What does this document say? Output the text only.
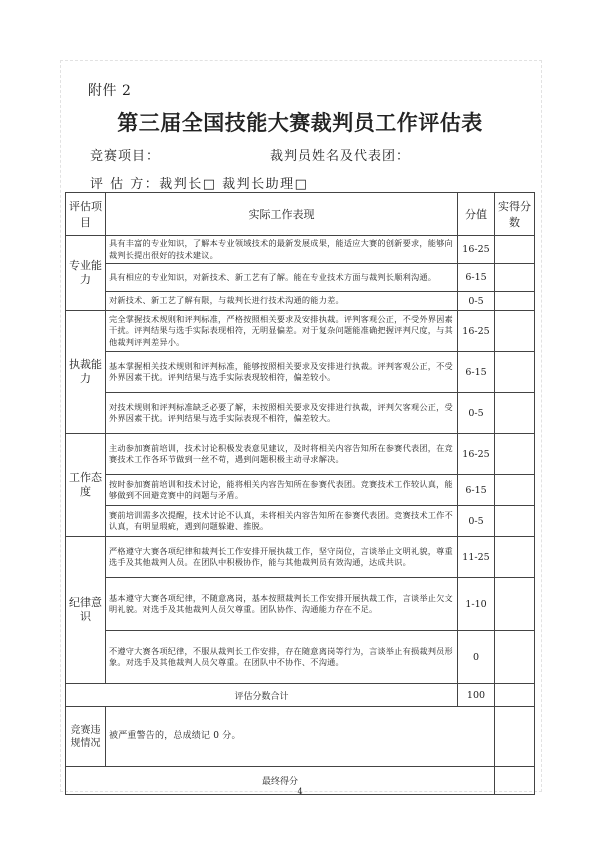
附件 2
第三届全国技能大赛裁判员工作评估表
竞赛项目：	裁判员姓名及代表团：
评 估 方：裁判长□ 裁判长助理□
评估项目	实际工作表现	分值	实得分数
专业能力	具有丰富的专业知识，了解本专业领域技术的最新发展成果，能适应大赛的创新要求，能够向裁判长提出很好的技术建议。	16-25	
	具有相应的专业知识，对新技术、新工艺有了解。能在专业技术方面与裁判长顺利沟通。	6-15	
	对新技术、新工艺了解有限，与裁判长进行技术沟通的能力差。	0-5	
执裁能力	完全掌握技术规则和评判标准，严格按照相关要求及安排执裁。评判客观公正，不受外界因素干扰。评判结果与选手实际表现相符，无明显偏差。对于复杂问题能准确把握评判尺度，与其他裁判评判差异小。	16-25	
	基本掌握相关技术规则和评判标准，能够按照相关要求及安排进行执裁。评判客观公正，不受外界因素干扰。评判结果与选手实际表现较相符，偏差较小。	6-15	
	对技术规则和评判标准缺乏必要了解，未按照相关要求及安排进行执裁，评判欠客观公正，受外界因素干扰。评判结果与选手实际表现不相符，偏差较大。	0-5	
工作态度	主动参加赛前培训，技术讨论积极发表意见建议，及时将相关内容告知所在参赛代表团，在竞赛技术工作各环节做到一丝不苟，遇到问题积极主动寻求解决。	16-25	
	按时参加赛前培训和技术讨论，能将相关内容告知所在参赛代表团。竞赛技术工作较认真，能够做到不回避竞赛中的问题与矛盾。	6-15	
	赛前培训需多次提醒，技术讨论不认真，未将相关内容告知所在参赛代表团。竞赛技术工作不认真，有明显瑕疵，遇到问题躲避、推脱。	0-5	
纪律意识	严格遵守大赛各项纪律和裁判长工作安排开展执裁工作，坚守岗位，言谈举止文明礼貌，尊重选手及其他裁判人员。在团队中积极协作，能与其他裁判员有效沟通，达成共识。	11-25	
	基本遵守大赛各项纪律，不随意离岗，基本按照裁判长工作安排开展执裁工作，言谈举止欠文明礼貌。对选手及其他裁判人员欠尊重。团队协作、沟通能力存在不足。	1-10	
	不遵守大赛各项纪律，不服从裁判长工作安排，存在随意离岗等行为，言谈举止有损裁判员形象。对选手及其他裁判人员欠尊重。在团队中不协作、不沟通。	0	
评估分数合计		100	
竞赛违规情况	被严重警告的，总成绩记 0 分。		
最终得分			
4
